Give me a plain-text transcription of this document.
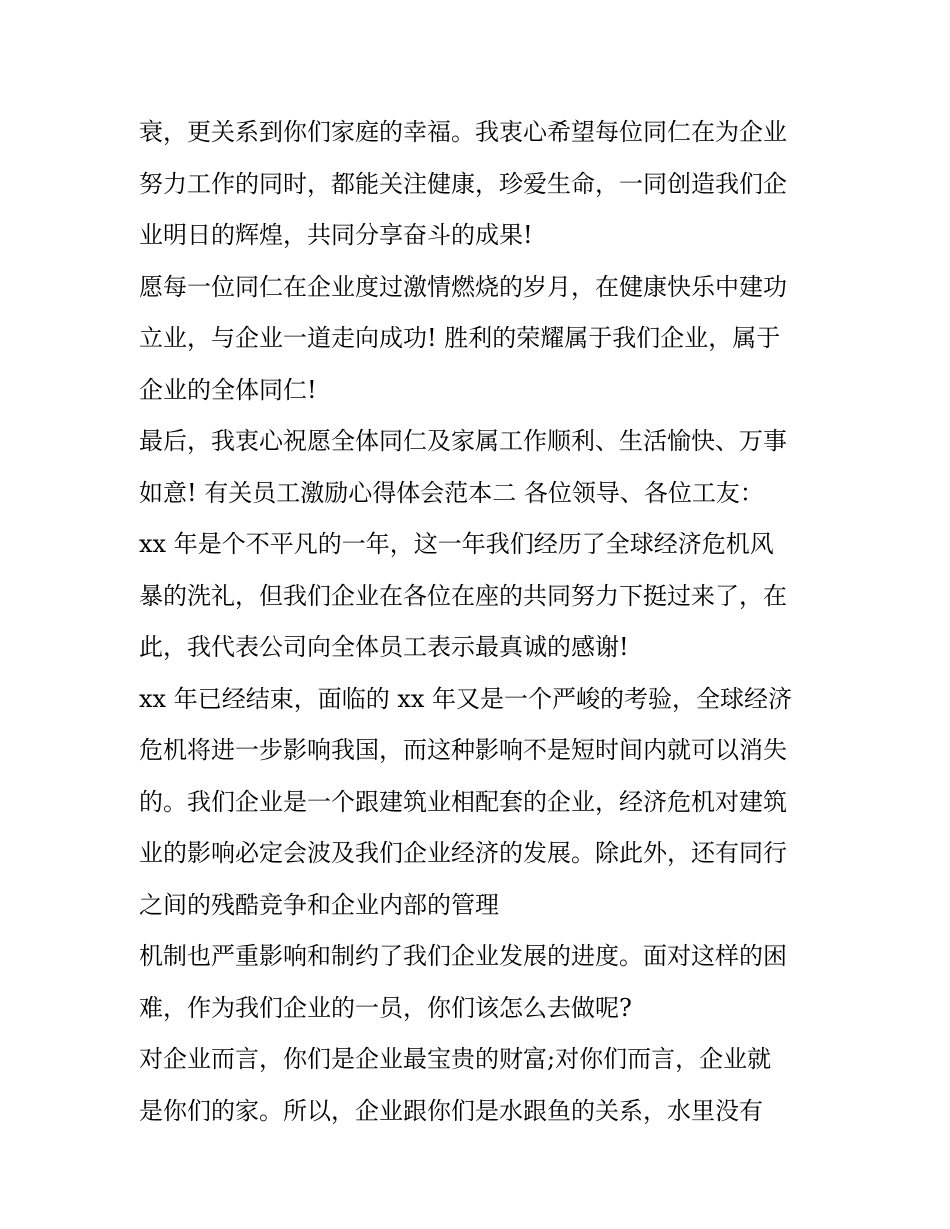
衰，更关系到你们家庭的幸福。我衷心希望每位同仁在为企业
努力工作的同时，都能关注健康，珍爱生命，一同创造我们企
业明日的辉煌，共同分享奋斗的成果!
愿每一位同仁在企业度过激情燃烧的岁月，在健康快乐中建功
立业，与企业一道走向成功! 胜利的荣耀属于我们企业，属于
企业的全体同仁!
最后，我衷心祝愿全体同仁及家属工作顺利、生活愉快、万事
如意! 有关员工激励心得体会范本二 各位领导、各位工友：
xx 年是个不平凡的一年，这一年我们经历了全球经济危机风
暴的洗礼，但我们企业在各位在座的共同努力下挺过来了，在
此，我代表公司向全体员工表示最真诚的感谢!
xx 年已经结束，面临的 xx 年又是一个严峻的考验，全球经济
危机将进一步影响我国，而这种影响不是短时间内就可以消失
的。我们企业是一个跟建筑业相配套的企业，经济危机对建筑
业的影响必定会波及我们企业经济的发展。除此外，还有同行
之间的残酷竞争和企业内部的管理
机制也严重影响和制约了我们企业发展的进度。面对这样的困
难，作为我们企业的一员，你们该怎么去做呢?
对企业而言，你们是企业最宝贵的财富;对你们而言，企业就
是你们的家。所以，企业跟你们是水跟鱼的关系，水里没有
